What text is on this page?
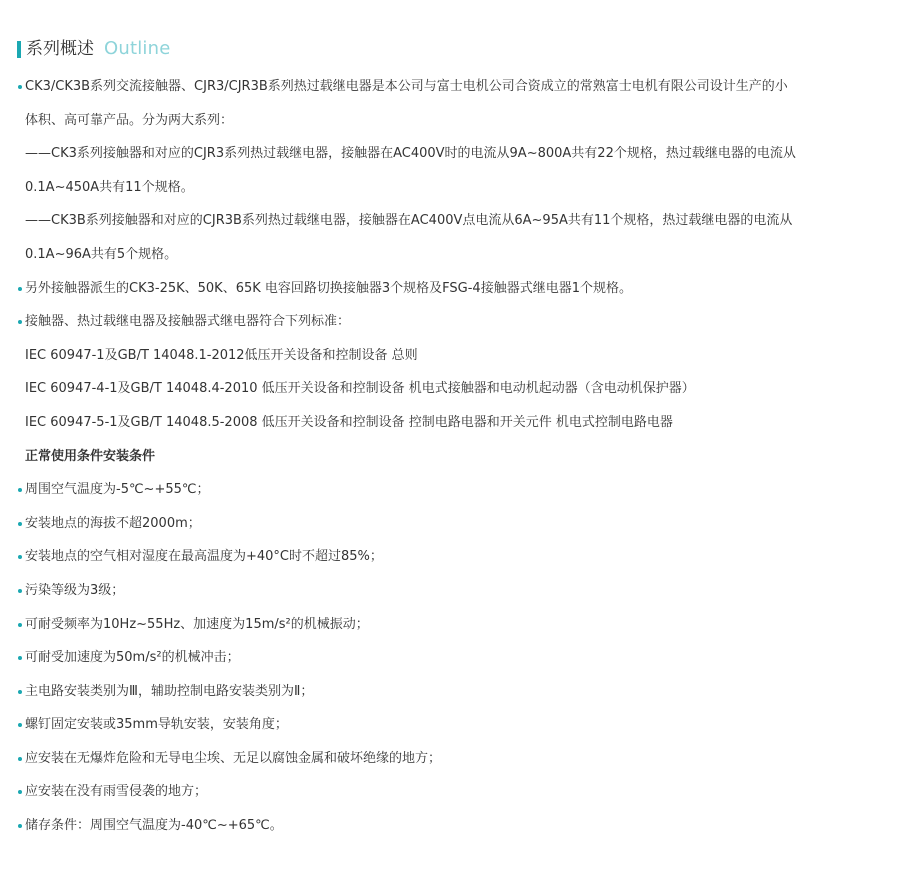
系列概述 Outline
CK3/CK3B系列交流接触器、CJR3/CJR3B系列热过载继电器是本公司与富士电机公司合资成立的常熟富士电机有限公司设计生产的小
体积、高可靠产品。分为两大系列：
——CK3系列接触器和对应的CJR3系列热过载继电器，接触器在AC400V时的电流从9A~800A共有22个规格，热过载继电器的电流从
0.1A~450A共有11个规格。
——CK3B系列接触器和对应的CJR3B系列热过载继电器，接触器在AC400V点电流从6A~95A共有11个规格，热过载继电器的电流从
0.1A~96A共有5个规格。
另外接触器派生的CK3-25K、50K、65K 电容回路切换接触器3个规格及FSG-4接触器式继电器1个规格。
接触器、热过载继电器及接触器式继电器符合下列标准：
IEC 60947-1及GB/T 14048.1-2012低压开关设备和控制设备 总则
IEC 60947-4-1及GB/T 14048.4-2010 低压开关设备和控制设备 机电式接触器和电动机起动器（含电动机保护器）
IEC 60947-5-1及GB/T 14048.5-2008 低压开关设备和控制设备 控制电路电器和开关元件 机电式控制电路电器
正常使用条件安装条件
周围空气温度为-5℃~+55℃；
安装地点的海拔不超2000m；
安装地点的空气相对湿度在最高温度为+40°C时不超过85%；
污染等级为3级；
可耐受频率为10Hz~55Hz、加速度为15m/s²的机械振动；
可耐受加速度为50m/s²的机械冲击；
主电路安装类别为Ⅲ，辅助控制电路安装类别为Ⅱ；
螺钉固定安装或35mm导轨安装，安装角度；
应安装在无爆炸危险和无导电尘埃、无足以腐蚀金属和破坏绝缘的地方；
应安装在没有雨雪侵袭的地方；
储存条件：周围空气温度为-40℃~+65℃。
